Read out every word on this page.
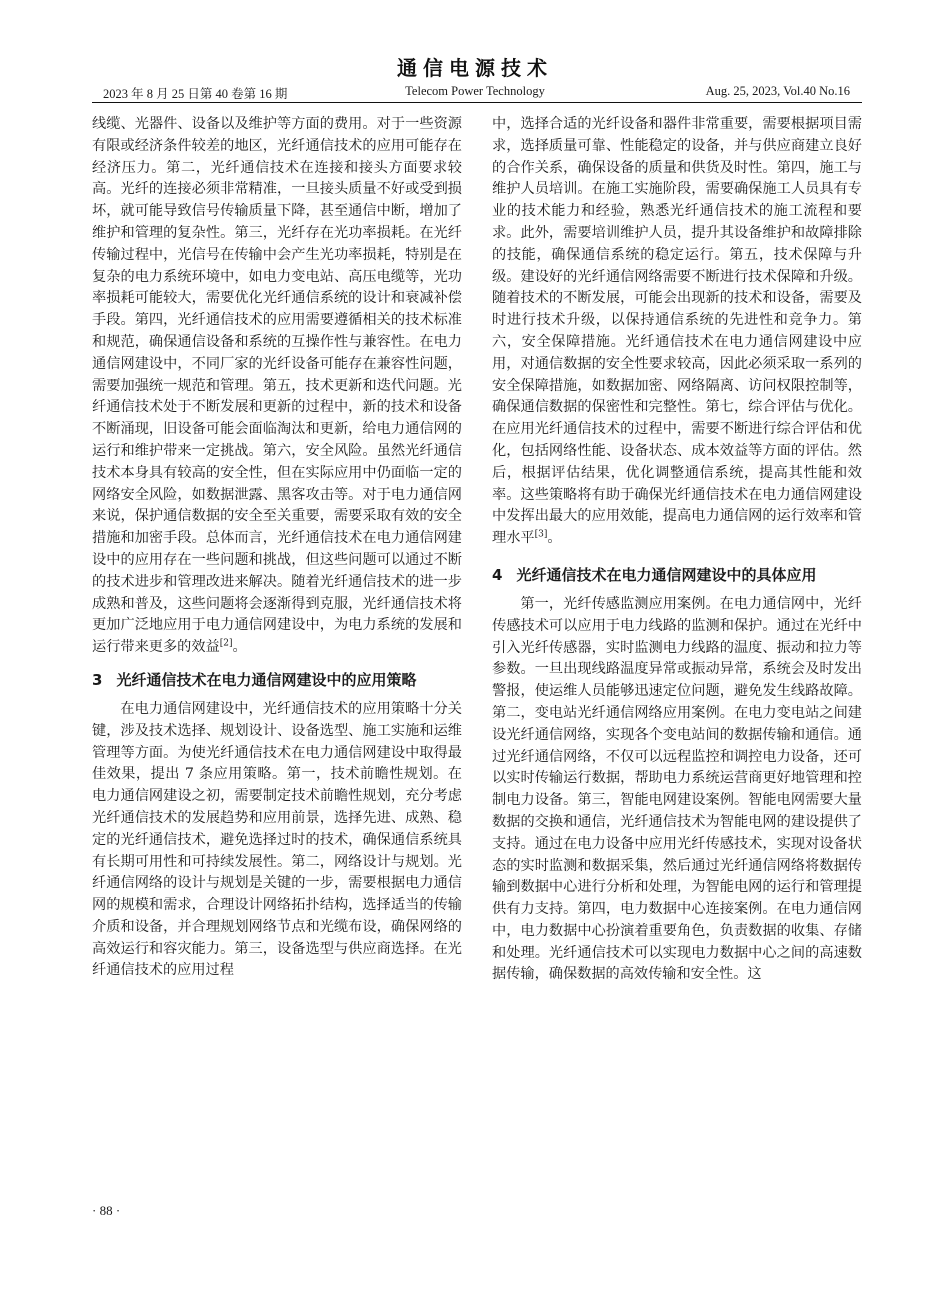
通信电源技术
2023 年 8 月 25 日第 40 卷第 16 期	Telecom Power Technology	Aug. 25, 2023, Vol.40 No.16

线缆、光器件、设备以及维护等方面的费用。对于一些资源有限或经济条件较差的地区，光纤通信技术的应用可能存在经济压力。第二，光纤通信技术在连接和接头方面要求较高。光纤的连接必须非常精准，一旦接头质量不好或受到损坏，就可能导致信号传输质量下降，甚至通信中断，增加了维护和管理的复杂性。第三，光纤存在光功率损耗。在光纤传输过程中，光信号在传输中会产生光功率损耗，特别是在复杂的电力系统环境中，如电力变电站、高压电缆等，光功率损耗可能较大，需要优化光纤通信系统的设计和衰减补偿手段。第四，光纤通信技术的应用需要遵循相关的技术标准和规范，确保通信设备和系统的互操作性与兼容性。在电力通信网建设中，不同厂家的光纤设备可能存在兼容性问题，需要加强统一规范和管理。第五，技术更新和迭代问题。光纤通信技术处于不断发展和更新的过程中，新的技术和设备不断涌现，旧设备可能会面临淘汰和更新，给电力通信网的运行和维护带来一定挑战。第六，安全风险。虽然光纤通信技术本身具有较高的安全性，但在实际应用中仍面临一定的网络安全风险，如数据泄露、黑客攻击等。对于电力通信网来说，保护通信数据的安全至关重要，需要采取有效的安全措施和加密手段。总体而言，光纤通信技术在电力通信网建设中的应用存在一些问题和挑战，但这些问题可以通过不断的技术进步和管理改进来解决。随着光纤通信技术的进一步成熟和普及，这些问题将会逐渐得到克服，光纤通信技术将更加广泛地应用于电力通信网建设中，为电力系统的发展和运行带来更多的效益[2]。

3 光纤通信技术在电力通信网建设中的应用策略

在电力通信网建设中，光纤通信技术的应用策略十分关键，涉及技术选择、规划设计、设备选型、施工实施和运维管理等方面。为使光纤通信技术在电力通信网建设中取得最佳效果，提出 7 条应用策略。第一，技术前瞻性规划。在电力通信网建设之初，需要制定技术前瞻性规划，充分考虑光纤通信技术的发展趋势和应用前景，选择先进、成熟、稳定的光纤通信技术，避免选择过时的技术，确保通信系统具有长期可用性和可持续发展性。第二，网络设计与规划。光纤通信网络的设计与规划是关键的一步，需要根据电力通信网的规模和需求，合理设计网络拓扑结构，选择适当的传输介质和设备，并合理规划网络节点和光缆布设，确保网络的高效运行和容灾能力。第三，设备选型与供应商选择。在光纤通信技术的应用过程

中，选择合适的光纤设备和器件非常重要，需要根据项目需求，选择质量可靠、性能稳定的设备，并与供应商建立良好的合作关系，确保设备的质量和供货及时性。第四，施工与维护人员培训。在施工实施阶段，需要确保施工人员具有专业的技术能力和经验，熟悉光纤通信技术的施工流程和要求。此外，需要培训维护人员，提升其设备维护和故障排除的技能，确保通信系统的稳定运行。第五，技术保障与升级。建设好的光纤通信网络需要不断进行技术保障和升级。随着技术的不断发展，可能会出现新的技术和设备，需要及时进行技术升级，以保持通信系统的先进性和竞争力。第六，安全保障措施。光纤通信技术在电力通信网建设中应用，对通信数据的安全性要求较高，因此必须采取一系列的安全保障措施，如数据加密、网络隔离、访问权限控制等，确保通信数据的保密性和完整性。第七，综合评估与优化。在应用光纤通信技术的过程中，需要不断进行综合评估和优化，包括网络性能、设备状态、成本效益等方面的评估。然后，根据评估结果，优化调整通信系统，提高其性能和效率。这些策略将有助于确保光纤通信技术在电力通信网建设中发挥出最大的应用效能，提高电力通信网的运行效率和管理水平[3]。

4 光纤通信技术在电力通信网建设中的具体应用

第一，光纤传感监测应用案例。在电力通信网中，光纤传感技术可以应用于电力线路的监测和保护。通过在光纤中引入光纤传感器，实时监测电力线路的温度、振动和拉力等参数。一旦出现线路温度异常或振动异常，系统会及时发出警报，使运维人员能够迅速定位问题，避免发生线路故障。第二，变电站光纤通信网络应用案例。在电力变电站之间建设光纤通信网络，实现各个变电站间的数据传输和通信。通过光纤通信网络，不仅可以远程监控和调控电力设备，还可以实时传输运行数据，帮助电力系统运营商更好地管理和控制电力设备。第三，智能电网建设案例。智能电网需要大量数据的交换和通信，光纤通信技术为智能电网的建设提供了支持。通过在电力设备中应用光纤传感技术，实现对设备状态的实时监测和数据采集，然后通过光纤通信网络将数据传输到数据中心进行分析和处理，为智能电网的运行和管理提供有力支持。第四，电力数据中心连接案例。在电力通信网中，电力数据中心扮演着重要角色，负责数据的收集、存储和处理。光纤通信技术可以实现电力数据中心之间的高速数据传输，确保数据的高效传输和安全性。这

· 88 ·
